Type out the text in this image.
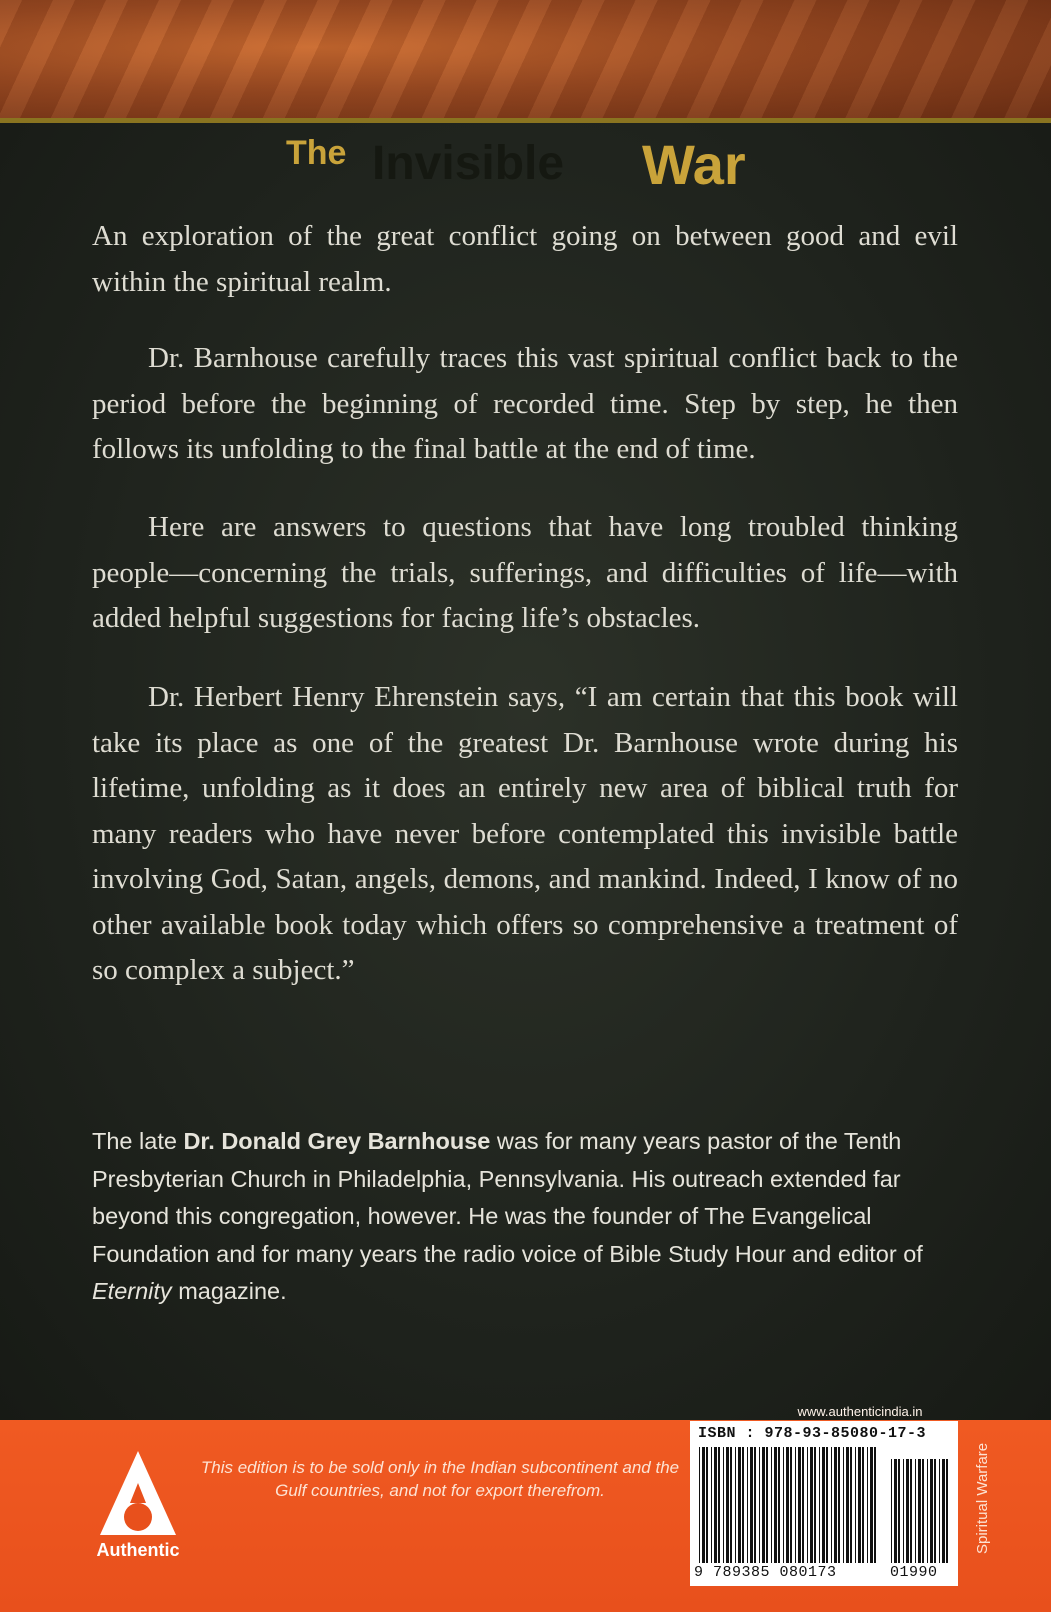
The Invisible War

An exploration of the great conflict going on between good and evil within the spiritual realm.

Dr. Barnhouse carefully traces this vast spiritual conflict back to the period before the beginning of recorded time. Step by step, he then follows its unfolding to the final battle at the end of time.

Here are answers to questions that have long troubled thinking people—concerning the trials, sufferings, and difficulties of life—with added helpful suggestions for facing life’s obstacles.

Dr. Herbert Henry Ehrenstein says, “I am certain that this book will take its place as one of the greatest Dr. Barnhouse wrote during his lifetime, unfolding as it does an entirely new area of biblical truth for many readers who have never before contemplated this invisible battle involving God, Satan, angels, demons, and mankind. Indeed, I know of no other available book today which offers so comprehensive a treatment of so complex a subject.”

The late Dr. Donald Grey Barnhouse was for many years pastor of the Tenth Presbyterian Church in Philadelphia, Pennsylvania. His outreach extended far beyond this congregation, however. He was the founder of The Evangelical Foundation and for many years the radio voice of Bible Study Hour and editor of Eternity magazine.

Authentic
This edition is to be sold only in the Indian subcontinent and the Gulf countries, and not for export therefrom.
www.authenticindia.in
ISBN : 978-93-85080-17-3
9 789385 080173	01990
Spiritual Warfare
